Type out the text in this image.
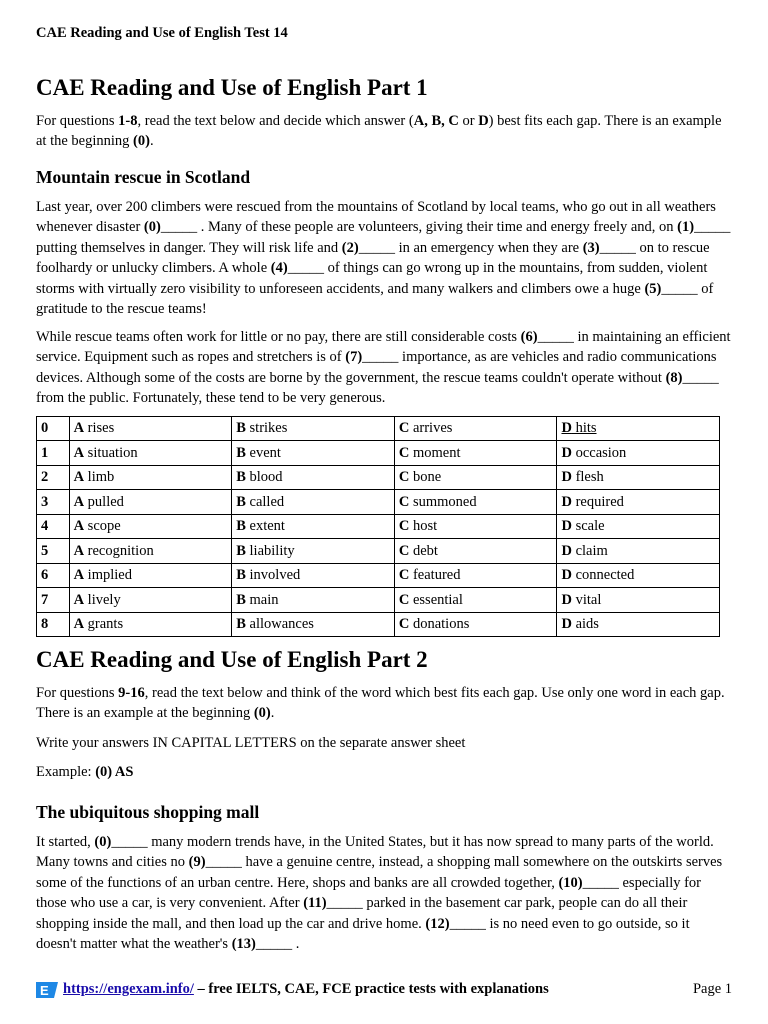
CAE Reading and Use of English Test 14
CAE Reading and Use of English Part 1

For questions 1-8, read the text below and decide which answer (A, B, C or D) best fits each gap. There is an example at the beginning (0).

Mountain rescue in Scotland

Last year, over 200 climbers were rescued from the mountains of Scotland by local teams, who go out in all weathers whenever disaster (0)_____ . Many of these people are volunteers, giving their time and energy freely and, on (1)_____ putting themselves in danger. They will risk life and (2)_____ in an emergency when they are (3)_____ on to rescue foolhardy or unlucky climbers. A whole (4)_____ of things can go wrong up in the mountains, from sudden, violent storms with virtually zero visibility to unforeseen accidents, and many walkers and climbers owe a huge (5)_____ of gratitude to the rescue teams!

While rescue teams often work for little or no pay, there are still considerable costs (6)_____ in maintaining an efficient service. Equipment such as ropes and stretchers is of (7)_____ importance, as are vehicles and radio communications devices. Although some of the costs are borne by the government, the rescue teams couldn't operate without (8)_____ from the public. Fortunately, these tend to be very generous.

0	A rises	B strikes	C arrives	D hits
1	A situation	B event	C moment	D occasion
2	A limb	B blood	C bone	D flesh
3	A pulled	B called	C summoned	D required
4	A scope	B extent	C host	D scale
5	A recognition	B liability	C debt	D claim
6	A implied	B involved	C featured	D connected
7	A lively	B main	C essential	D vital
8	A grants	B allowances	C donations	D aids
CAE Reading and Use of English Part 2

For questions 9-16, read the text below and think of the word which best fits each gap. Use only one word in each gap. There is an example at the beginning (0).

Write your answers IN CAPITAL LETTERS on the separate answer sheet

Example: (0) AS

The ubiquitous shopping mall

It started, (0)_____ many modern trends have, in the United States, but it has now spread to many parts of the world. Many towns and cities no (9)_____ have a genuine centre, instead, a shopping mall somewhere on the outskirts serves some of the functions of an urban centre. Here, shops and banks are all crowded together, (10)_____ especially for those who use a car, is very convenient. After (11)_____ parked in the basement car park, people can do all their shopping inside the mall, and then load up the car and drive home. (12)_____ is no need even to go outside, so it doesn't matter what the weather's (13)_____ .

E https://engexam.info/ – free IELTS, CAE, FCE practice tests with explanations	Page 1
